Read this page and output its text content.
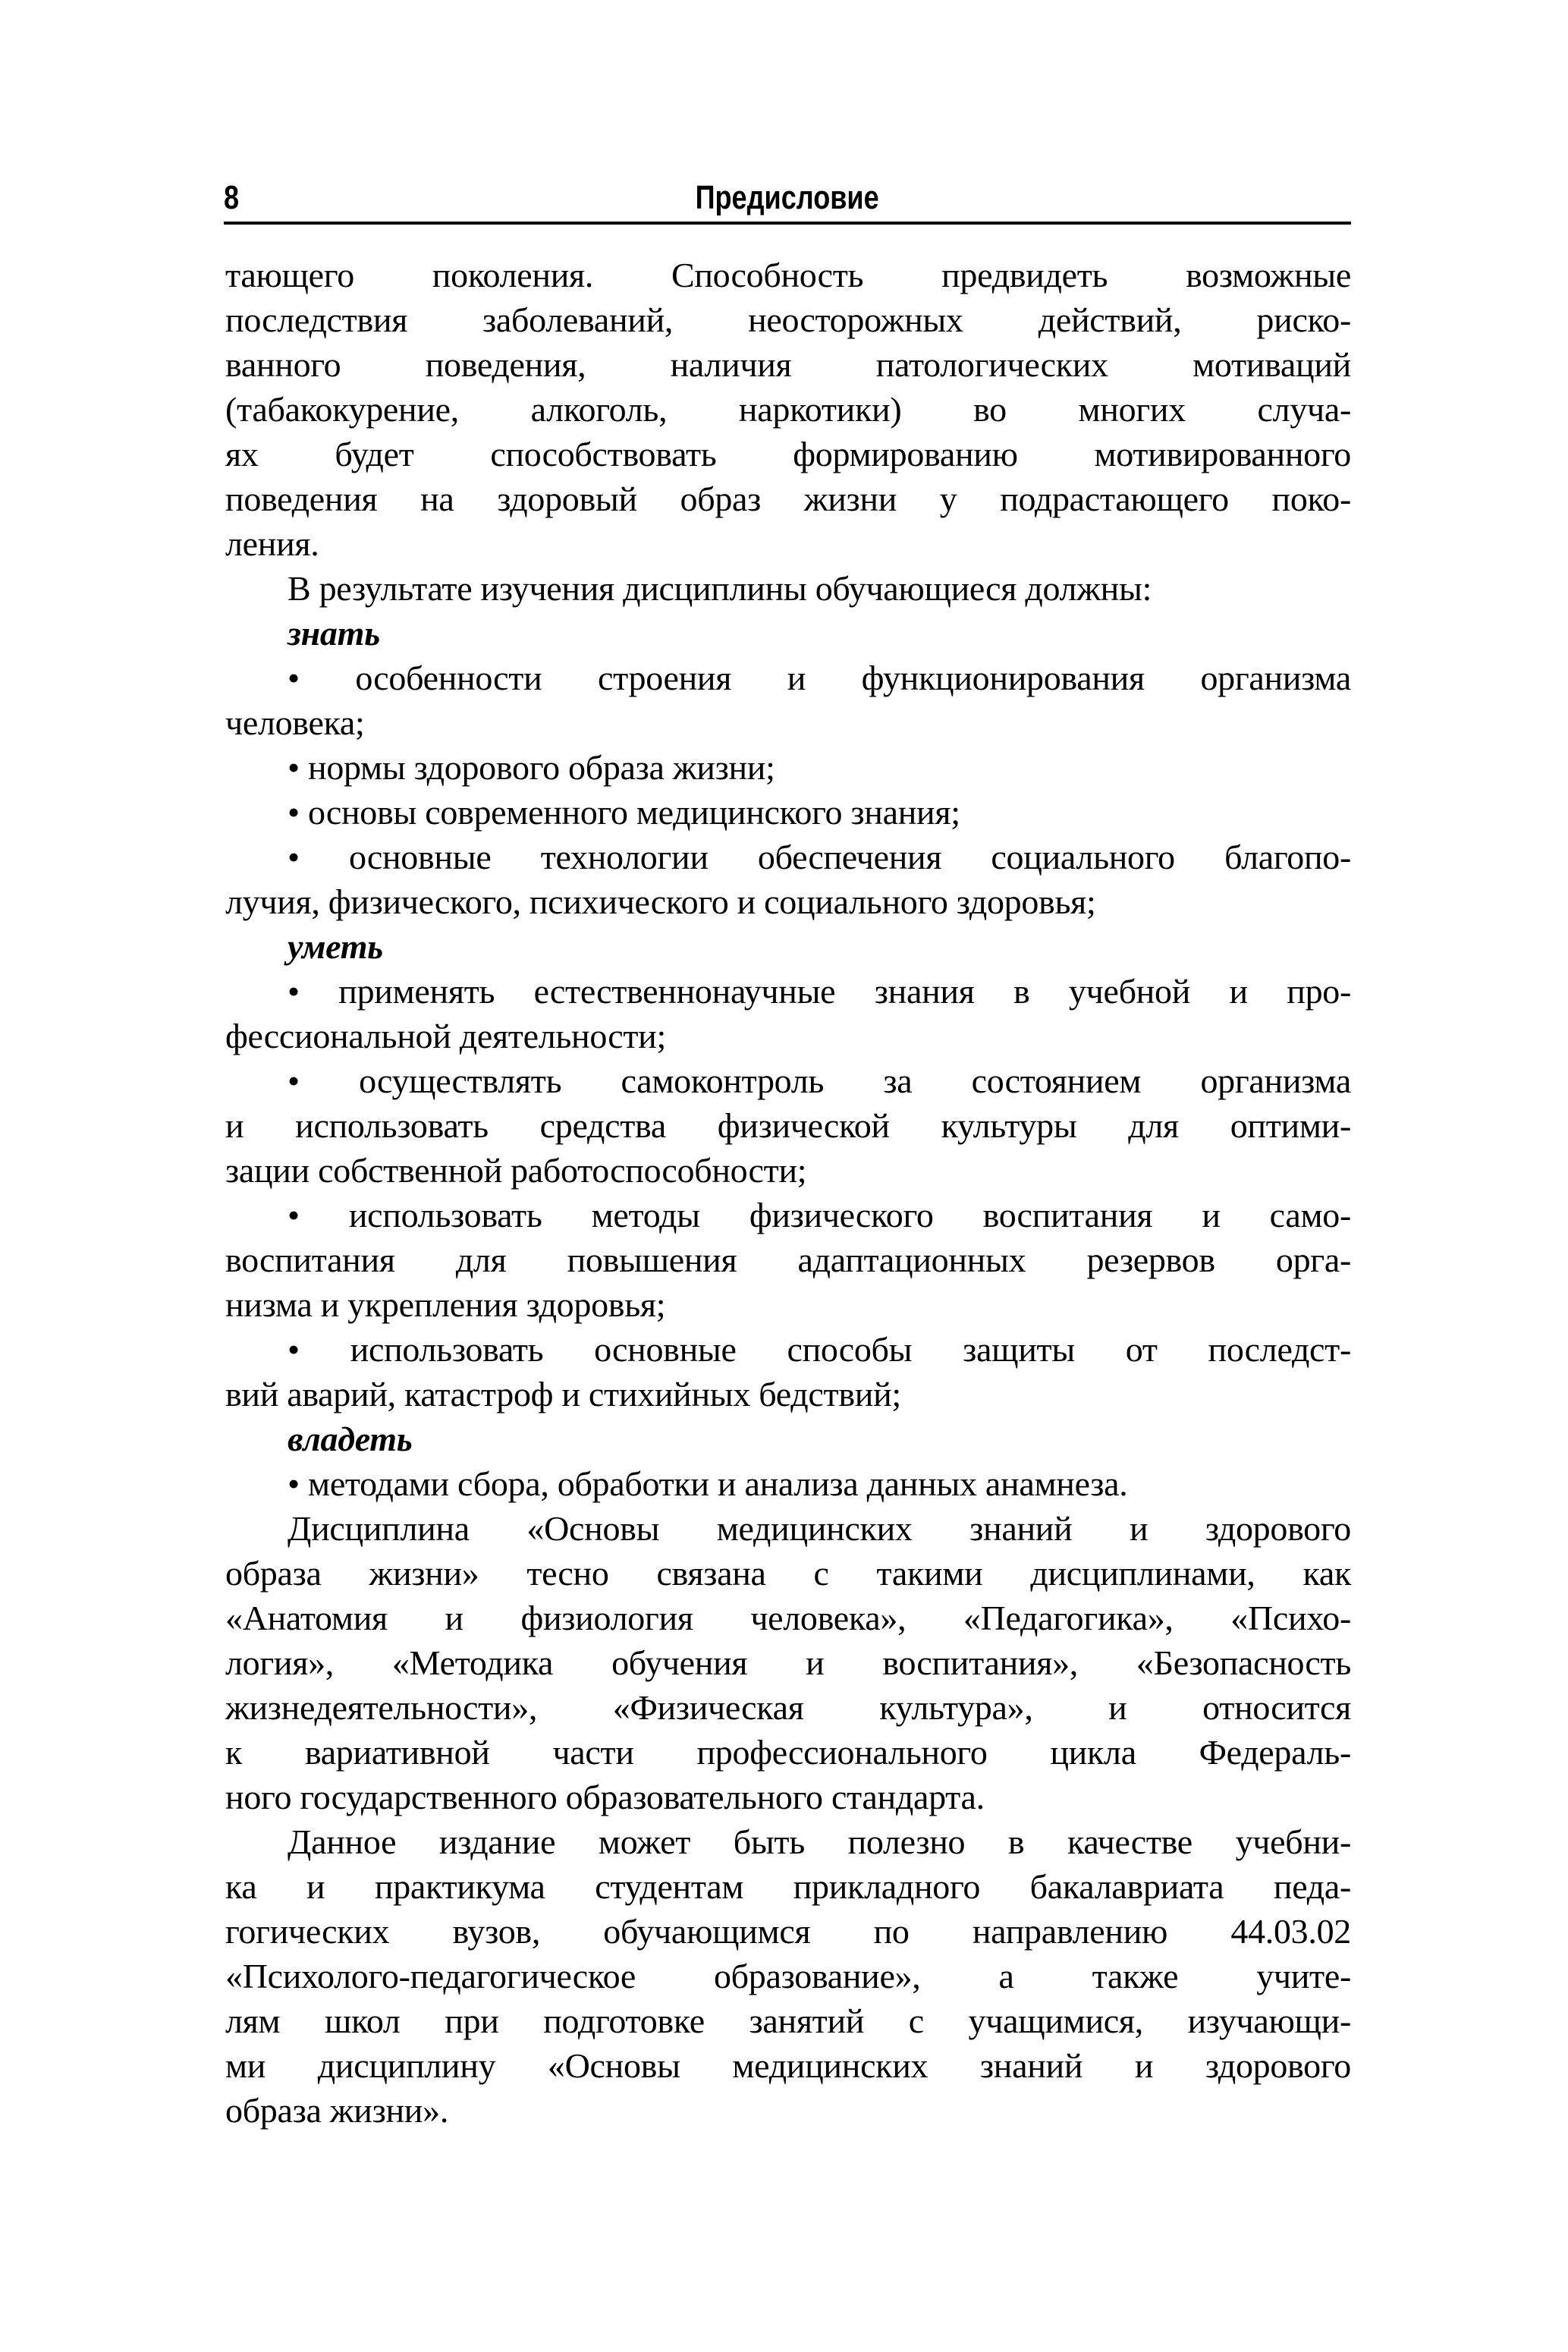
8	Предисловие
тающего поколения. Способность предвидеть возможные
последствия заболеваний, неосторожных действий, риско-
ванного поведения, наличия патологических мотиваций
(табакокурение, алкоголь, наркотики) во многих случа-
ях будет способствовать формированию мотивированного
поведения на здоровый образ жизни у подрастающего поко-
ления.
В результате изучения дисциплины обучающиеся должны:
знать
• особенности строения и функционирования организма
человека;
• нормы здорового образа жизни;
• основы современного медицинского знания;
• основные технологии обеспечения социального благопо-
лучия, физического, психического и социального здоровья;
уметь
• применять естественнонаучные знания в учебной и про-
фессиональной деятельности;
• осуществлять самоконтроль за состоянием организма
и использовать средства физической культуры для оптими-
зации собственной работоспособности;
• использовать методы физического воспитания и само-
воспитания для повышения адаптационных резервов орга-
низма и укрепления здоровья;
• использовать основные способы защиты от последст-
вий аварий, катастроф и стихийных бедствий;
владеть
• методами сбора, обработки и анализа данных анамнеза.
Дисциплина «Основы медицинских знаний и здорового
образа жизни» тесно связана с такими дисциплинами, как
«Анатомия и физиология человека», «Педагогика», «Психо-
логия», «Методика обучения и воспитания», «Безопасность
жизнедеятельности», «Физическая культура», и относится
к вариативной части профессионального цикла Федераль-
ного государственного образовательного стандарта.
Данное издание может быть полезно в качестве учебни-
ка и практикума студентам прикладного бакалавриата педа-
гогических вузов, обучающимся по направлению 44.03.02
«Психолого-педагогическое образование», а также учите-
лям школ при подготовке занятий с учащимися, изучающи-
ми дисциплину «Основы медицинских знаний и здорового
образа жизни».
